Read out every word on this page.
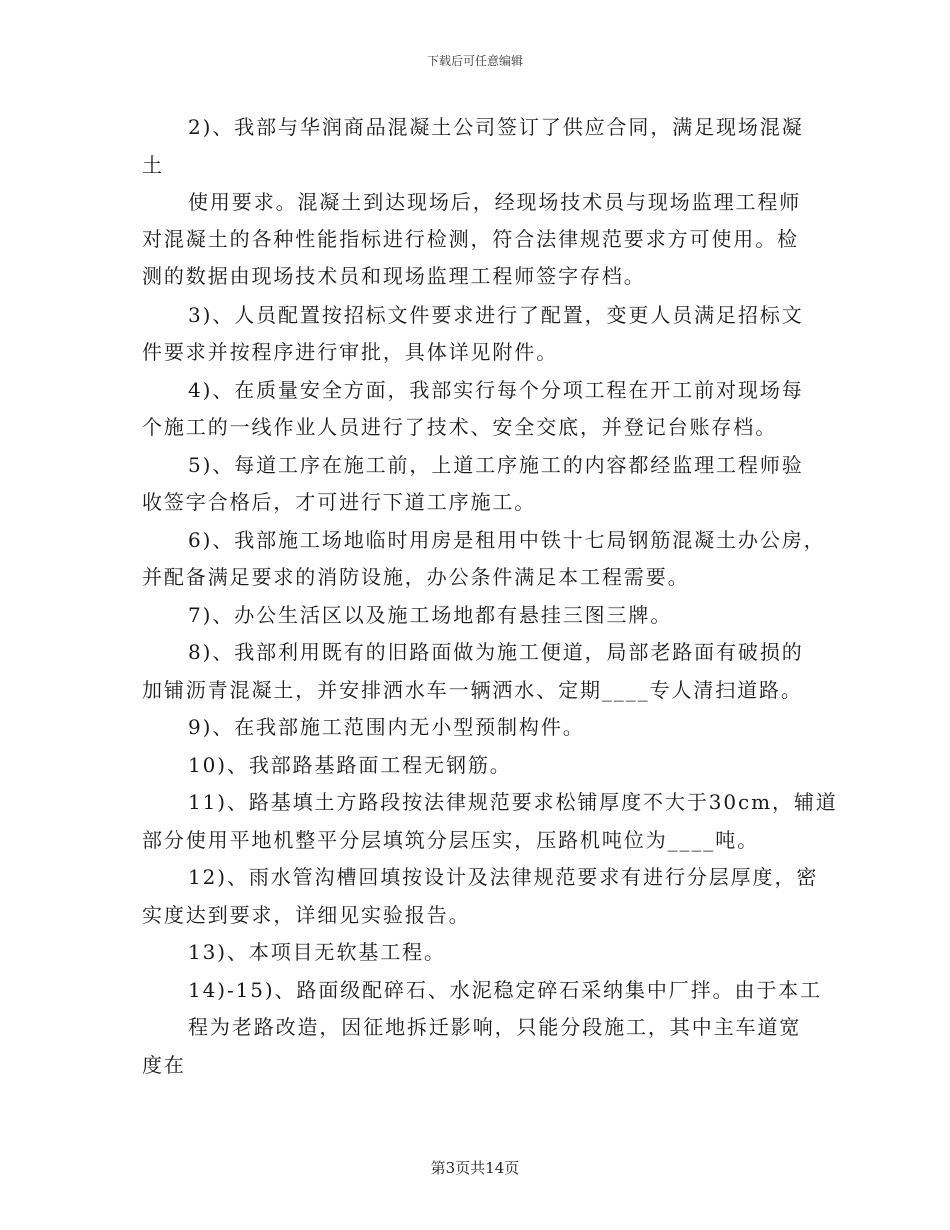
下载后可任意编辑
2)、我部与华润商品混凝土公司签订了供应合同，满足现场混凝
土
使用要求。混凝土到达现场后，经现场技术员与现场监理工程师
对混凝土的各种性能指标进行检测，符合法律规范要求方可使用。检
测的数据由现场技术员和现场监理工程师签字存档。
3)、人员配置按招标文件要求进行了配置，变更人员满足招标文
件要求并按程序进行审批，具体详见附件。
4)、在质量安全方面，我部实行每个分项工程在开工前对现场每
个施工的一线作业人员进行了技术、安全交底，并登记台账存档。
5)、每道工序在施工前，上道工序施工的内容都经监理工程师验
收签字合格后，才可进行下道工序施工。
6)、我部施工场地临时用房是租用中铁十七局钢筋混凝土办公房，
并配备满足要求的消防设施，办公条件满足本工程需要。
7)、办公生活区以及施工场地都有悬挂三图三牌。
8)、我部利用既有的旧路面做为施工便道，局部老路面有破损的
加铺沥青混凝土，并安排洒水车一辆洒水、定期____专人清扫道路。
9)、在我部施工范围内无小型预制构件。
10)、我部路基路面工程无钢筋。
11)、路基填土方路段按法律规范要求松铺厚度不大于30cm，辅道
部分使用平地机整平分层填筑分层压实，压路机吨位为____吨。
12)、雨水管沟槽回填按设计及法律规范要求有进行分层厚度，密
实度达到要求，详细见实验报告。
13)、本项目无软基工程。
14)-15)、路面级配碎石、水泥稳定碎石采纳集中厂拌。由于本工
程为老路改造，因征地拆迁影响，只能分段施工，其中主车道宽
度在
第3页共14页
